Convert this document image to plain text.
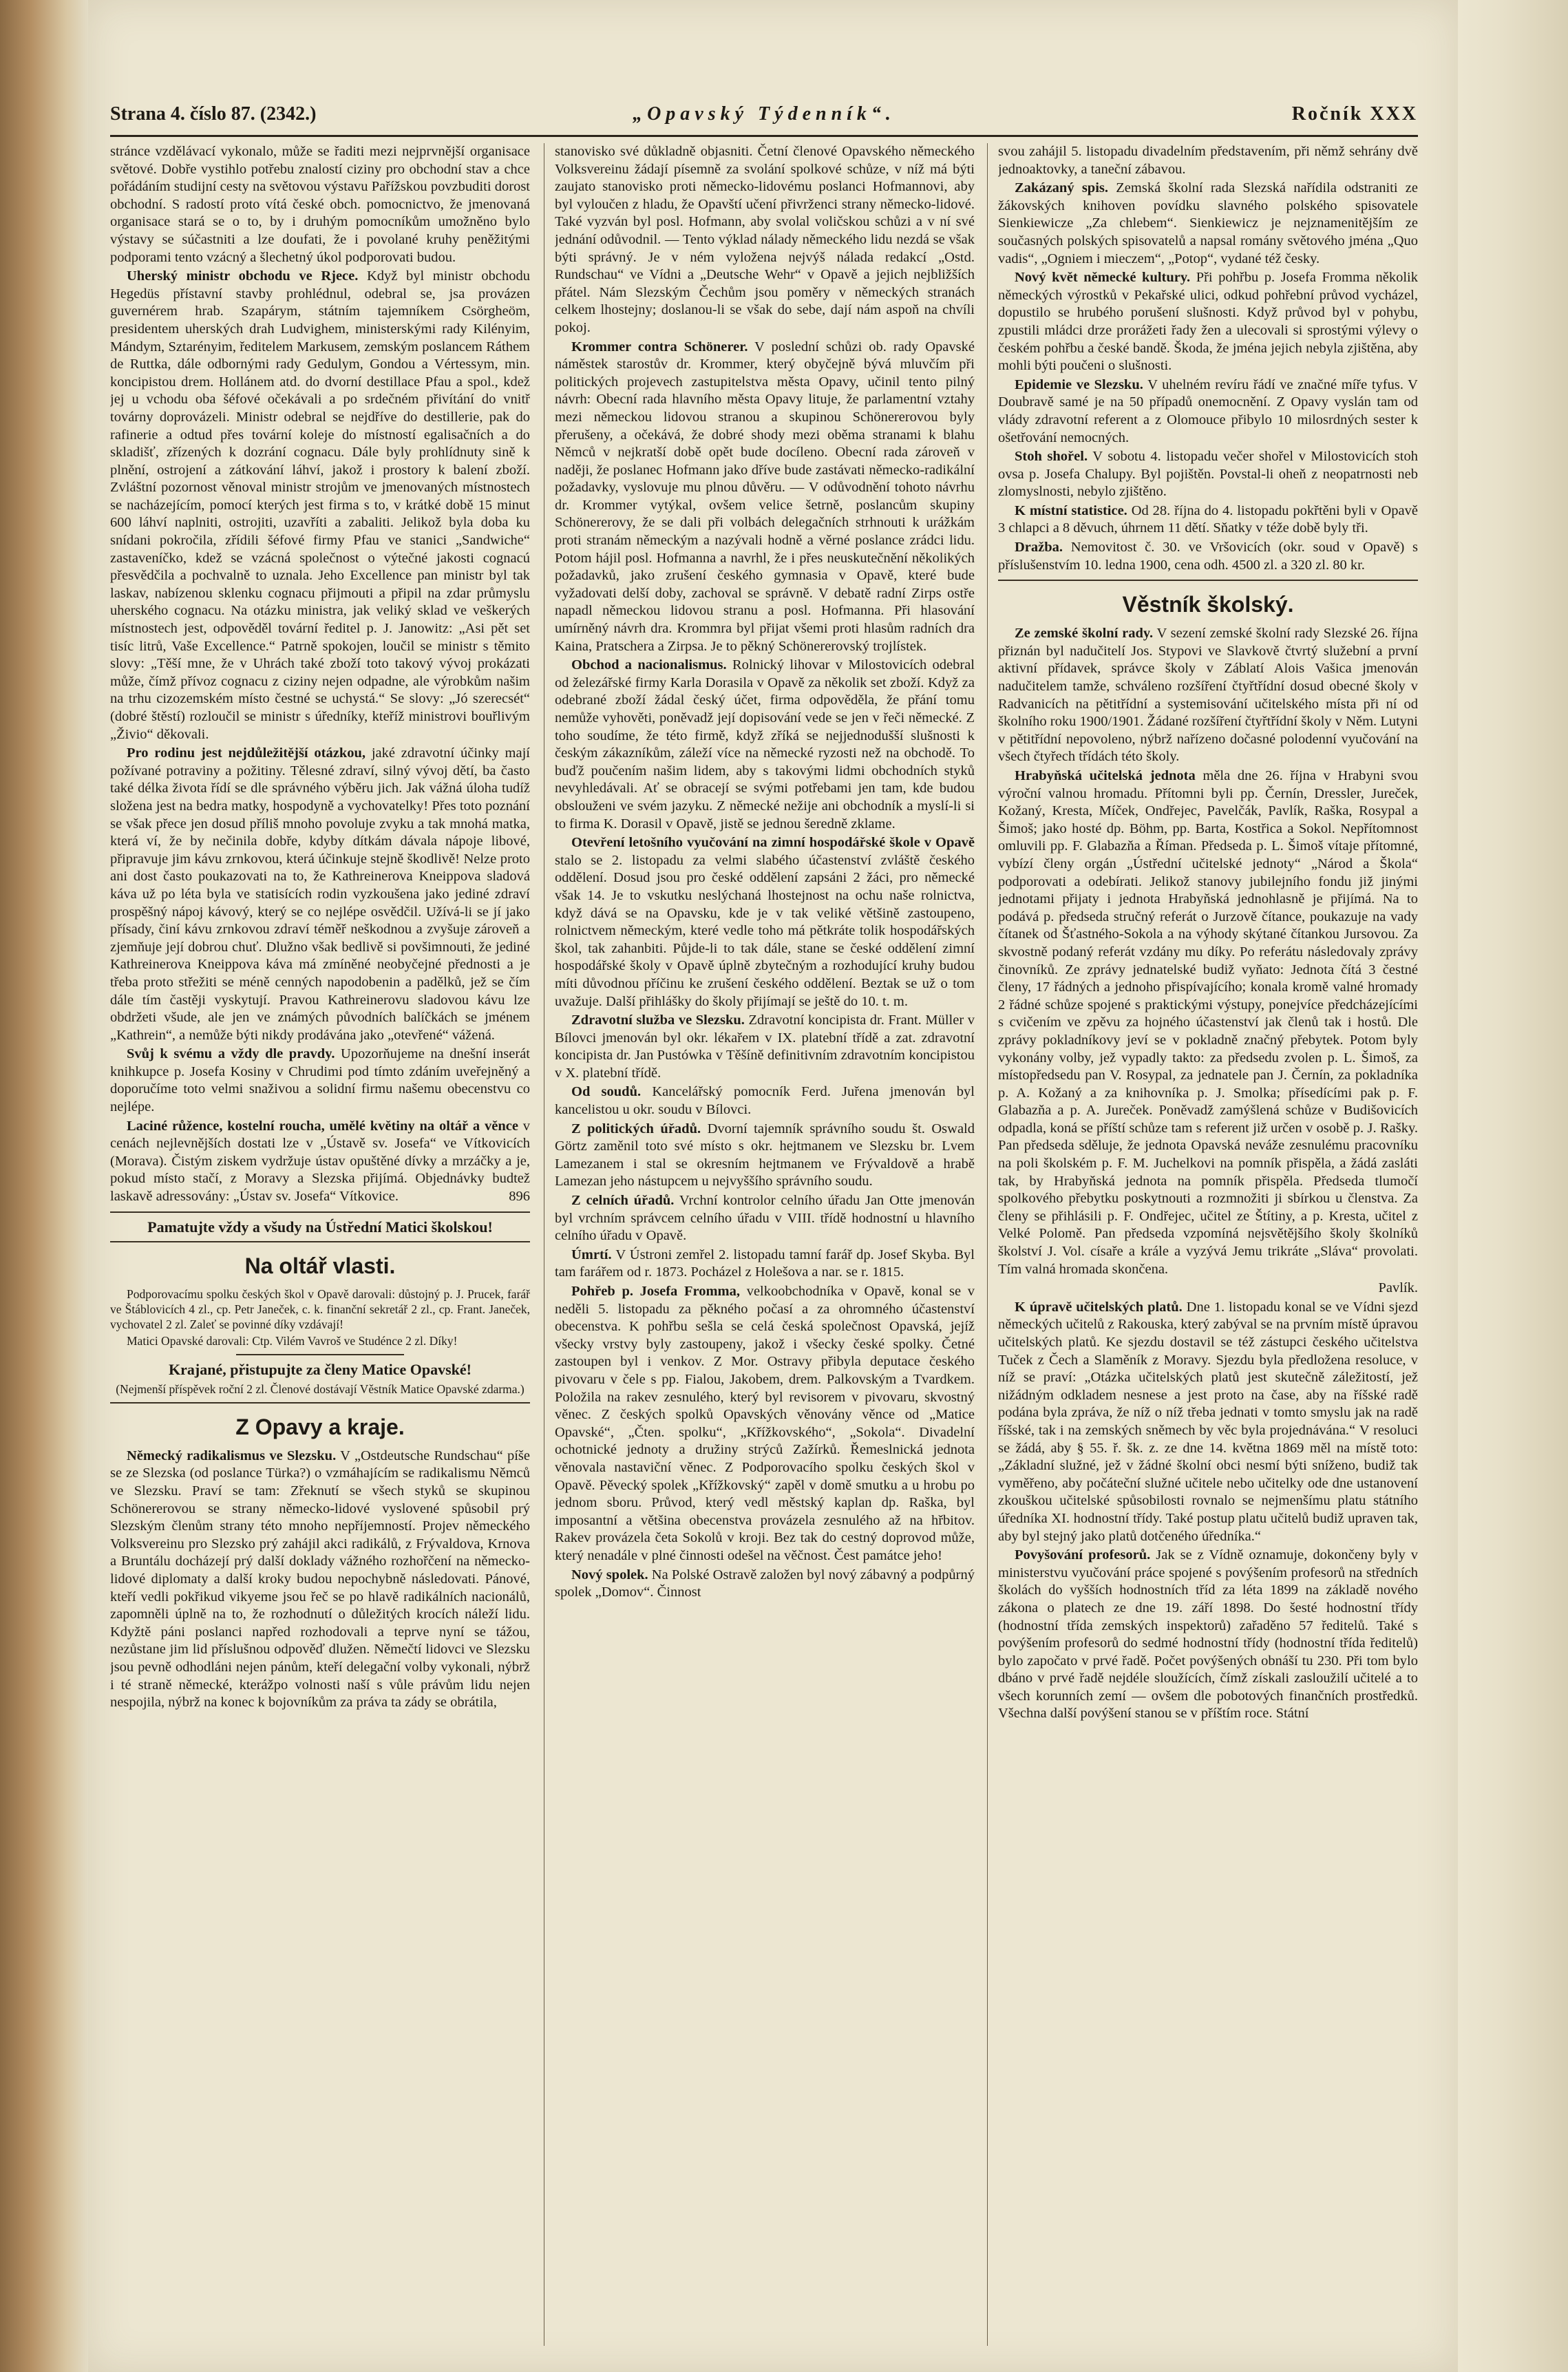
Strana 4. číslo 87. (2342.)	„Opavský Týdenník“.	Ročník XXX

stránce vzdělávací vykonalo, může se řaditi mezi nejprvnější organisace světové. Dobře vystihlo potřebu znalostí ciziny pro obchodní stav a chce pořádáním studijní cesty na světovou výstavu Pařížskou povzbuditi dorost obchodní. S radostí proto vítá české obch. pomocnictvo, že jmenovaná organisace stará se o to, by i druhým pomocníkům umožněno bylo výstavy se súčastniti a lze doufati, že i povolané kruhy peněžitými podporami tento vzácný a šlechetný úkol podporovati budou.

Uherský ministr obchodu ve Rjece. Když byl ministr obchodu Hegedüs přístavní stavby prohlédnul, odebral se, jsa provázen guvernérem hrab. Szapárym, státním tajemníkem Csörgheöm, presidentem uherských drah Ludvighem, ministerskými rady Kilényim, Mándym, Sztarényim, ředitelem Markusem, zemským poslancem Ráthem de Ruttka, dále odbornými rady Gedulym, Gondou a Vértessym, min. koncipistou drem. Hollánem atd. do dvorní destillace Pfau a spol., kdež jej u vchodu oba šéfové očekávali a po srdečném přivítání do vnitř továrny doprovázeli. Ministr odebral se nejdříve do destillerie, pak do rafinerie a odtud přes tovární koleje do místností egalisačních a do skladišť, zřízených k dozrání cognacu. Dále byly prohlídnuty sině k plnění, ostrojení a zátkování láhví, jakož i prostory k balení zboží. Zvláštní pozornost věnoval ministr strojům ve jmenovaných místnostech se nacházejícím, pomocí kterých jest firma s to, v krátké době 15 minut 600 láhví naplniti, ostrojiti, uzavříti a zabaliti. Jelikož byla doba ku snídani pokročila, zřídili šéfové firmy Pfau ve stanici „Sandwiche“ zastaveníčko, kdež se vzácná společnost o výtečné jakosti cognacú přesvědčila a pochvalně to uznala. Jeho Excellence pan ministr byl tak laskav, nabízenou sklenku cognacu přijmouti a připil na zdar průmyslu uherského cognacu. Na otázku ministra, jak veliký sklad ve veškerých místnostech jest, odpověděl tovární ředitel p. J. Janowitz: „Asi pět set tisíc litrů, Vaše Excellence.“ Patrně spokojen, loučil se ministr s těmito slovy: „Těší mne, že v Uhrách také zboží toto takový vývoj prokázati může, čímž přívoz cognacu z ciziny nejen odpadne, ale výrobkům našim na trhu cizozemském místo čestné se uchystá.“ Se slovy: „Jó szerecsét“ (dobré štěstí) rozloučil se ministr s úředníky, kteříž ministrovi bouřlivým „Živio“ děkovali.

Pro rodinu jest nejdůležitější otázkou, jaké zdravotní účinky mají požívané potraviny a požitiny. Tělesné zdraví, silný vývoj dětí, ba často také délka života řídí se dle správného výběru jich. Jak vážná úloha tudíž složena jest na bedra matky, hospodyně a vychovatelky! Přes toto poznání se však přece jen dosud příliš mnoho povoluje zvyku a tak mnohá matka, která ví, že by nečinila dobře, kdyby dítkám dávala nápoje libové, připravuje jim kávu zrnkovou, která účinkuje stejně škodlivě! Nelze proto ani dost často poukazovati na to, že Kathreinerova Kneippova sladová káva už po léta byla ve statisících rodin vyzkoušena jako jediné zdraví prospěšný nápoj kávový, který se co nejlépe osvědčil. Užívá-li se jí jako přísady, činí kávu zrnkovou zdraví téměř neškodnou a zvyšuje zároveň a zjemňuje její dobrou chuť. Dlužno však bedlivě si povšimnouti, že jediné Kathreinerova Kneippova káva má zmíněné neobyčejné přednosti a je třeba proto střežiti se méně cenných napodobenin a padělků, jež se čím dále tím častěji vyskytují. Pravou Kathreinerovu sladovou kávu lze obdržeti všude, ale jen ve známých původních balíčkách se jménem „Kathrein“, a nemůže býti nikdy prodávána jako „otevřené“ vážená.

Svůj k svému a vždy dle pravdy. Upozorňujeme na dnešní inserát knihkupce p. Josefa Kosiny v Chrudimi pod tímto zdáním uveřejněný a doporučíme toto velmi snaživou a solidní firmu našemu obecenstvu co nejlépe.

Laciné růžence, kostelní roucha, umělé květiny na oltář a věnce v cenách nejlevnějších dostati lze v „Ústavě sv. Josefa“ ve Vítkovicích (Morava). Čistým ziskem vydržuje ústav opuštěné dívky a mrzáčky a je, pokud místo stačí, z Moravy a Slezska přijímá. Objednávky budtež laskavě adressovány: „Ústav sv. Josefa“ Vítkovice.	896

Pamatujte vždy a všudy na Ústřední Matici školskou!

Na oltář vlasti.

Podporovacímu spolku českých škol v Opavě darovali: důstojný p. J. Prucek, farář ve Štáblovicích 4 zl., cp. Petr Janeček, c. k. finanční sekretář 2 zl., cp. Frant. Janeček, vychovatel 2 zl. Zaleť se povinné díky vzdávají!

Matici Opavské darovali: Ctp. Vilém Vavroš ve Studénce 2 zl. Díky!

Krajané, přistupujte za členy Matice Opavské!

(Nejmenší příspěvek roční 2 zl. Členové dostávají Věstník Matice Opavské zdarma.)

Z Opavy a kraje.

Německý radikalismus ve Slezsku. V „Ostdeutsche Rundschau“ píše se ze Slezska (od poslance Türka?) o vzmáhajícím se radikalismu Němců ve Slezsku. Praví se tam: Zřeknutí se všech styků se skupinou Schönererovou se strany německo-lidové vyslovené spůsobil prý Slezským členům strany této mnoho nepříjemností. Projev německého Volksvereinu pro Slezsko prý zahájil akci radikálů, z Frývaldova, Krnova a Bruntálu docházejí prý další doklady vážného rozhořčení na německo-lidové diplomaty a další kroky budou nepochybně následovati. Pánové, kteří vedli pokřikud vikyeme jsou řeč se po hlavě radikálních nacionálů, zapomněli úplně na to, že rozhodnutí o důležitých krocích náleží lidu. Kdyžtě páni poslanci napřed rozhodovali a teprve nyní se tážou, nezůstane jim lid příslušnou odpověď dlužen. Němečtí lidovci ve Slezsku jsou pevně odhodláni nejen pánům, kteří delegační volby vykonali, nýbrž i té straně německé, kterážpo volnosti naší s vůle právům lidu nejen nespojila, nýbrž na konec k bojovníkům za práva ta zády se obrátila,

stanovisko své důkladně objasniti. Četní členové Opavského německého Volksvereinu žádají písemně za svolání spolkové schůze, v níž má býti zaujato stanovisko proti německo-lidovému poslanci Hofmannovi, aby byl vyloučen z hladu, že Opavští učení přivrženci strany německo-lidové. Také vyzván byl posl. Hofmann, aby svolal voličskou schůzi a v ní své jednání odůvodnil. — Tento výklad nálady německého lidu nezdá se však býti správný. Je v ném vyložena nejvýš nálada redakcí „Ostd. Rundschau“ ve Vídni a „Deutsche Wehr“ v Opavě a jejich nejbližších přátel. Nám Slezským Čechům jsou poměry v německých stranách celkem lhostejny; doslanou-li se však do sebe, dají nám aspoň na chvíli pokoj.

Krommer contra Schönerer. V poslední schůzi ob. rady Opavské náměstek starostův dr. Krommer, který obyčejně bývá mluvčím při politických projevech zastupitelstva města Opavy, učinil tento pilný návrh: Obecní rada hlavního města Opavy lituje, že parlamentní vztahy mezi německou lidovou stranou a skupinou Schönererovou byly přerušeny, a očekává, že dobré shody mezi oběma stranami k blahu Němců v nejkratší době opět bude docíleno. Obecní rada zároveň v naději, že poslanec Hofmann jako dříve bude zastávati německo-radikální požadavky, vyslovuje mu plnou důvěru. — V odůvodnění tohoto návrhu dr. Krommer vytýkal, ovšem velice šetrně, poslancům skupiny Schönererovy, že se dali při volbách delegačních strhnouti k urážkám proti stranám německým a nazývali hodně a věrné poslance zrádci lidu. Potom hájil posl. Hofmanna a navrhl, že i přes neuskutečnění několikých požadavků, jako zrušení českého gymnasia v Opavě, které bude vyžadovati delší doby, zachoval se správně. V debatě radní Zirps ostře napadl německou lidovou stranu a posl. Hofmanna. Při hlasování umírněný návrh dra. Krommra byl přijat všemi proti hlasům radních dra Kaina, Pratschera a Zirpsa. Je to pěkný Schönererovský trojlístek.

Obchod a nacionalismus. Rolnický lihovar v Milostovicích odebral od železářské firmy Karla Dorasila v Opavě za několik set zboží. Když za odebrané zboží žádal český účet, firma odpověděla, že přání tomu nemůže vyhověti, poněvadž její dopisování vede se jen v řeči německé. Z toho soudíme, že této firmě, když zříká se nejjednodušší slušnosti k českým zákazníkům, záleží více na německé ryzosti než na obchodě. To buďž poučením našim lidem, aby s takovými lidmi obchodních styků nevyhledávali. Ať se obracejí se svými potřebami jen tam, kde budou obslouženi ve svém jazyku. Z německé nežije ani obchodník a myslí-li si to firma K. Dorasil v Opavě, jistě se jednou šeredně zklame.

Otevření letošního vyučování na zimní hospodářské škole v Opavě stalo se 2. listopadu za velmi slabého účastenství zvláště českého oddělení. Dosud jsou pro české oddělení zapsáni 2 žáci, pro německé však 14. Je to vskutku neslýchaná lhostejnost na ochu naše rolnictva, když dává se na Opavsku, kde je v tak veliké většině zastoupeno, rolnictvem německým, které vedle toho má pětkráte tolik hospodářských škol, tak zahanbiti. Půjde-li to tak dále, stane se české oddělení zimní hospodářské školy v Opavě úplně zbytečným a rozhodující kruhy budou míti důvodnou příčinu ke zrušení českého oddělení. Beztak se už o tom uvažuje. Další přihlášky do školy přijímají se ještě do 10. t. m.

Zdravotní služba ve Slezsku. Zdravotní koncipista dr. Frant. Müller v Bílovci jmenován byl okr. lékařem v IX. platební třídě a zat. zdravotní koncipista dr. Jan Pustówka v Těšíně definitivním zdravotním koncipistou v X. platební třídě.

Od soudů. Kancelářský pomocník Ferd. Juřena jmenován byl kancelistou u okr. soudu v Bílovci.

Z politických úřadů. Dvorní tajemník správního soudu št. Oswald Görtz zaměnil toto své místo s okr. hejtmanem ve Slezsku br. Lvem Lamezanem i stal se okresním hejtmanem ve Frývaldově a hrabě Lamezan jeho nástupcem u nejvyššího správního soudu.

Z celních úřadů. Vrchní kontrolor celního úřadu Jan Otte jmenován byl vrchním správcem celního úřadu v VIII. třídě hodnostní u hlavního celního úřadu v Opavě.

Úmrtí. V Ústroni zemřel 2. listopadu tamní farář dp. Josef Skyba. Byl tam farářem od r. 1873. Pocházel z Holešova a nar. se r. 1815.

Pohřeb p. Josefa Fromma, velkoobchodníka v Opavě, konal se v neděli 5. listopadu za pěkného počasí a za ohromného účastenství obecenstva. K pohřbu sešla se celá česká společnost Opavská, jejíž všecky vrstvy byly zastoupeny, jakož i všecky české spolky. Četné zastoupen byl i venkov. Z Mor. Ostravy přibyla deputace českého pivovaru v čele s pp. Fialou, Jakobem, drem. Palkovským a Tvardkem. Položila na rakev zesnulého, který byl revisorem v pivovaru, skvostný věnec. Z českých spolků Opavských věnovány věnce od „Matice Opavské“, „Čten. spolku“, „Křížkovského“, „Sokola“. Divadelní ochotnické jednoty a družiny strýců Zažírků. Řemeslnická jednota věnovala nastaviční věnec. Z Podporovacího spolku českých škol v Opavě. Pěvecký spolek „Křížkovský“ zapěl v domě smutku a u hrobu po jednom sboru. Průvod, který vedl městský kaplan dp. Raška, byl imposantní a většina obecenstva provázela zesnulého až na hřbitov. Rakev provázela četa Sokolů v kroji. Bez tak do cestný doprovod může, který nenadále v plné činnosti odešel na věčnost. Čest památce jeho!

Nový spolek. Na Polské Ostravě založen byl nový zábavný a podpůrný spolek „Domov“. Činnost

svou zahájil 5. listopadu divadelním představením, při němž sehrány dvě jednoaktovky, a taneční zábavou.

Zakázaný spis. Zemská školní rada Slezská nařídila odstraniti ze žákovských knihoven povídku slavného polského spisovatele Sienkiewicze „Za chlebem“. Sienkiewicz je nejznamenitějším ze současných polských spisovatelů a napsal romány světového jména „Quo vadis“, „Ogniem i mieczem“, „Potop“, vydané též česky.

Nový květ německé kultury. Při pohřbu p. Josefa Fromma několik německých výrostků v Pekařské ulici, odkud pohřební průvod vycházel, dopustilo se hrubého porušení slušnosti. Když průvod byl v pohybu, zpustili mládci drze prorážeti řady žen a ulecovali si sprostými výlevy o českém pohřbu a české bandě. Škoda, že jména jejich nebyla zjištěna, aby mohli býti poučeni o slušnosti.

Epidemie ve Slezsku. V uhelném revíru řádí ve značné míře tyfus. V Doubravě samé je na 50 případů onemocnění. Z Opavy vyslán tam od vlády zdravotní referent a z Olomouce přibylo 10 milosrdných sester k ošetřování nemocných.

Stoh shořel. V sobotu 4. listopadu večer shořel v Milostovicích stoh ovsa p. Josefa Chalupy. Byl pojištěn. Povstal-li oheň z neopatrnosti neb zlomyslnosti, nebylo zjištěno.

K místní statistice. Od 28. října do 4. listopadu pokřtěni byli v Opavě 3 chlapci a 8 děvuch, úhrnem 11 dětí. Sňatky v téže době byly tři.

Dražba. Nemovitost č. 30. ve Vršovicích (okr. soud v Opavě) s příslušenstvím 10. ledna 1900, cena odh. 4500 zl. a 320 zl. 80 kr.

Věstník školský.

Ze zemské školní rady. V sezení zemské školní rady Slezské 26. října přiznán byl nadučitelí Jos. Stypovi ve Slavkově čtvrtý služební a první aktivní přídavek, správce školy v Záblatí Alois Vašica jmenován nadučitelem tamže, schváleno rozšíření čtyřtřídní dosud obecné školy v Radvanicích na pětitřídní a systemisování učitelského místa při ní od školního roku 1900/1901. Žádané rozšíření čtyřtřídní školy v Něm. Lutyni v pětitřídní nepovoleno, nýbrž nařízeno dočasné polodenní vyučování na všech čtyřech třídách této školy.

Hrabyňská učitelská jednota měla dne 26. října v Hrabyni svou výroční valnou hromadu. Přítomni byli pp. Černín, Dressler, Jureček, Kožaný, Kresta, Míček, Ondřejec, Pavelčák, Pavlík, Raška, Rosypal a Šimoš; jako hosté dp. Böhm, pp. Barta, Kostřica a Sokol. Nepřítomnost omluvili pp. F. Glabazňa a Říman. Předseda p. L. Šimoš vítaje přítomné, vybízí členy orgán „Ústřední učitelské jednoty“ „Národ a Škola“ podporovati a odebírati. Jelikož stanovy jubilejního fondu již jinými jednotami přijaty i jednota Hrabyňská jednohlasně je přijímá. Na to podává p. předseda stručný referát o Jurzově čítance, poukazuje na vady čítanek od Šťastného-Sokola a na výhody skýtané čítankou Jursovou. Za skvostně podaný referát vzdány mu díky. Po referátu následovaly zprávy činovníků. Ze zprávy jednatelské budiž vyňato: Jednota čítá 3 čestné členy, 17 řádných a jednoho přispívajícího; konala kromě valné hromady 2 řádné schůze spojené s praktickými výstupy, ponejvíce předcházejícími s cvičením ve zpěvu za hojného účastenství jak členů tak i hostů. Dle zprávy pokladníkovy jeví se v pokladně značný přebytek. Potom byly vykonány volby, jež vypadly takto: za předsedu zvolen p. L. Šimoš, za místopředsedu pan V. Rosypal, za jednatele pan J. Černín, za pokladníka p. A. Kožaný a za knihovníka p. J. Smolka; přísedícími pak p. F. Glabazňa a p. A. Jureček. Poněvadž zamýšlená schůze v Budišovicích odpadla, koná se příští schůze tam s referent již určen v osobě p. J. Rašky. Pan předseda sděluje, že jednota Opavská neváže zesnulému pracovníku na poli školském p. F. M. Juchelkovi na pomník přispěla, a žádá zasláti tak, by Hrabyňská jednota na pomník přispěla. Předseda tlumočí spolkového přebytku poskytnouti a rozmnožiti ji sbírkou u členstva. Za členy se přihlásili p. F. Ondřejec, učitel ze Štítiny, a p. Kresta, učitel z Velké Polomě. Pan předseda vzpomíná nejsvětějšího školy školníků školství J. Vol. císaře a krále a vyzývá Jemu trikráte „Sláva“ provolati. Tím valná hromada skončena.

Pavlík.

K úpravě učitelských platů. Dne 1. listopadu konal se ve Vídni sjezd německých učitelů z Rakouska, který zabýval se na prvním místě úpravou učitelských platů. Ke sjezdu dostavil se též zástupci českého učitelstva Tuček z Čech a Slaměník z Moravy. Sjezdu byla předložena resoluce, v níž se praví: „Otázka učitelských platů jest skutečně záležitostí, jež nižádným odkladem nesnese a jest proto na čase, aby na říšské radě podána byla zpráva, že níž o níž třeba jednati v tomto smyslu jak na radě říšské, tak i na zemských sněmech by věc byla projednávána.“ V resoluci se žádá, aby § 55. ř. šk. z. ze dne 14. května 1869 měl na místě toto: „Základní služné, jež v žádné školní obci nesmí býti sníženo, budiž tak vyměřeno, aby počáteční služné učitele nebo učitelky ode dne ustanovení zkouškou učitelské spůsobilosti rovnalo se nejmenšímu platu státního úředníka XI. hodnostní třídy. Také postup platu učitelů budiž upraven tak, aby byl stejný jako platů dotčeného úředníka.“

Povyšování profesorů. Jak se z Vídně oznamuje, dokončeny byly v ministerstvu vyučování práce spojené s povýšením profesorů na středních školách do vyšších hodnostních tříd za léta 1899 na základě nového zákona o platech ze dne 19. září 1898. Do šesté hodnostní třídy (hodnostní třída zemských inspektorů) zařaděno 57 ředitelů. Také s povýšením profesorů do sedmé hodnostní třídy (hodnostní třída ředitelů) bylo započato v prvé řadě. Počet povýšených obnáší tu 230. Při tom bylo dbáno v prvé řadě nejdéle sloužících, čímž získali zasloužilí učitelé a to všech korunních zemí — ovšem dle pobotových finančních prostředků. Všechna další povýšení stanou se v příštím roce. Státní
